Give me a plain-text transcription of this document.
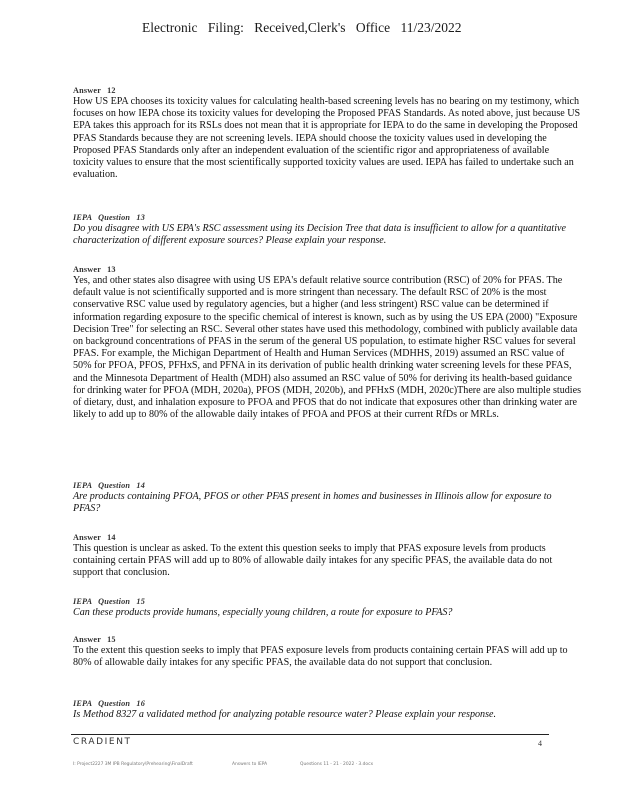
Electronic Filing: Received,Clerk's Office 11/23/2022
Answer 12

How US EPA chooses its toxicity values for calculating health-based screening levels has no bearing on my testimony, which focuses on how IEPA chose its toxicity values for developing the Proposed PFAS Standards. As noted above, just because US EPA takes this approach for its RSLs does not mean that it is appropriate for IEPA to do the same in developing the Proposed PFAS Standards because they are not screening levels. IEPA should choose the toxicity values used in developing the Proposed PFAS Standards only after an independent evaluation of the scientific rigor and appropriateness of available toxicity values to ensure that the most scientifically supported toxicity values are used. IEPA has failed to undertake such an evaluation.

IEPA Question 13

Do you disagree with US EPA's RSC assessment using its Decision Tree that data is insufficient to allow for a quantitative characterization of different exposure sources? Please explain your response.

Answer 13

Yes, and other states also disagree with using US EPA's default relative source contribution (RSC) of 20% for PFAS. The default value is not scientifically supported and is more stringent than necessary. The default RSC of 20% is the most conservative RSC value used by regulatory agencies, but a higher (and less stringent) RSC value can be determined if information regarding exposure to the specific chemical of interest is known, such as by using the US EPA (2000) "Exposure Decision Tree" for selecting an RSC. Several other states have used this methodology, combined with publicly available data on background concentrations of PFAS in the serum of the general US population, to estimate higher RSC values for several PFAS. For example, the Michigan Department of Health and Human Services (MDHHS, 2019) assumed an RSC value of 50% for PFOA, PFOS, PFHxS, and PFNA in its derivation of public health drinking water screening levels for these PFAS, and the Minnesota Department of Health (MDH) also assumed an RSC value of 50% for deriving its health-based guidance for drinking water for PFOA (MDH, 2020a), PFOS (MDH, 2020b), and PFHxS (MDH, 2020c)There are also multiple studies of dietary, dust, and inhalation exposure to PFOA and PFOS that do not indicate that exposures other than drinking water are likely to add up to 80% of the allowable daily intakes of PFOA and PFOS at their current RfDs or MRLs.

IEPA Question 14

Are products containing PFOA, PFOS or other PFAS present in homes and businesses in Illinois allow for exposure to PFAS?

Answer 14

This question is unclear as asked. To the extent this question seeks to imply that PFAS exposure levels from products containing certain PFAS will add up to 80% of allowable daily intakes for any specific PFAS, the available data do not support that conclusion.

IEPA Question 15

Can these products provide humans, especially young children, a route for exposure to PFAS?

Answer 15

To the extent this question seeks to imply that PFAS exposure levels from products containing certain PFAS will add up to 80% of allowable daily intakes for any specific PFAS, the available data do not support that conclusion.

IEPA Question 16

Is Method 8327 a validated method for analyzing potable resource water? Please explain your response.

CRADIENT	4
I: Project2227 3M IPB Regulatory\Prehearing\FinalDraft	Answers to IEPA	Questions 11 - 21 · 2022 · 3.docx
